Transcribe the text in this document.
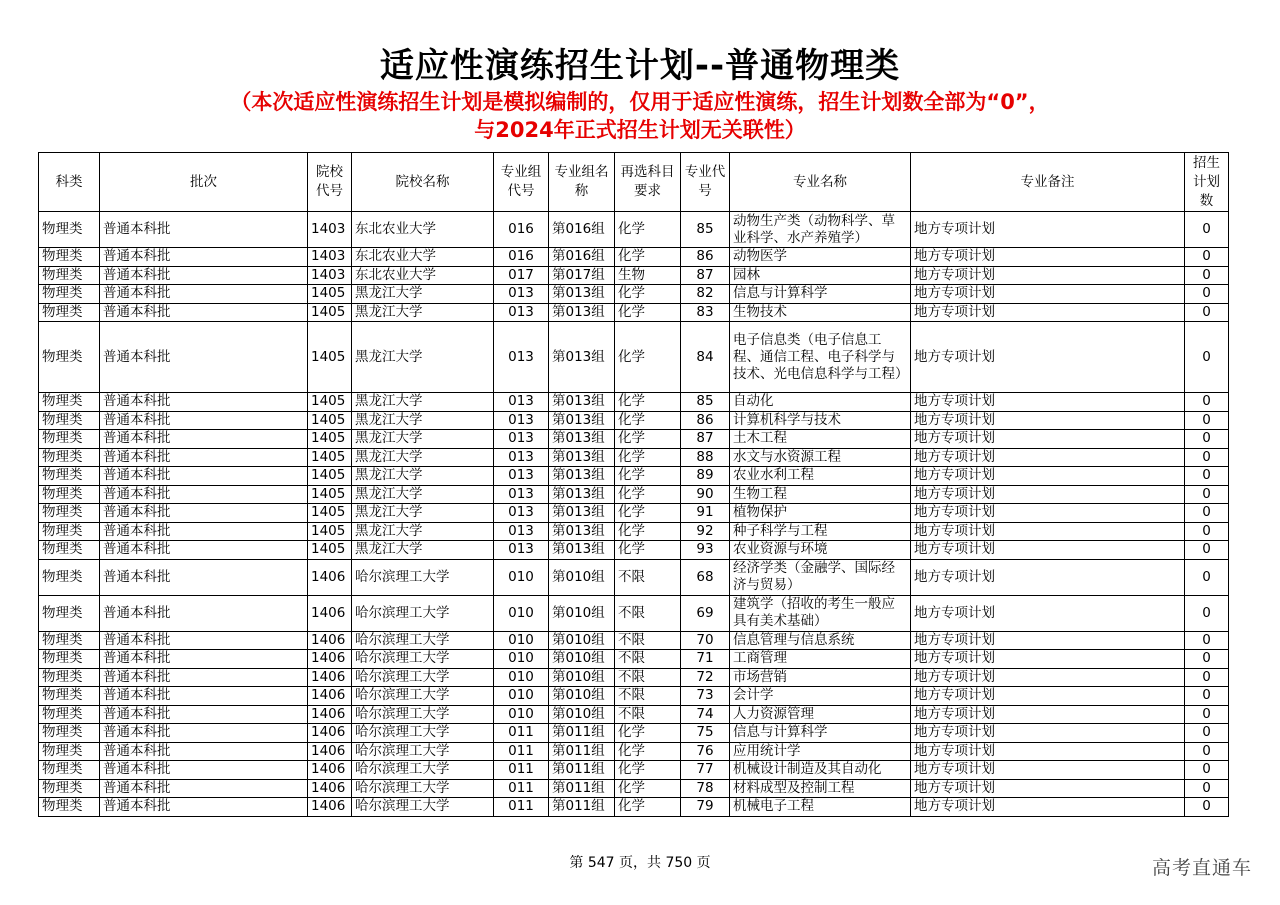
适应性演练招生计划--普通物理类
（本次适应性演练招生计划是模拟编制的，仅用于适应性演练，招生计划数全部为“0”，
与2024年正式招生计划无关联性）
科类	批次	院校代号	院校名称	专业组代号	专业组名称	再选科目要求	专业代号	专业名称	专业备注	招生计划数
物理类	普通本科批	1403	东北农业大学	016	第016组	化学	85	动物生产类（动物科学、草业科学、水产养殖学）	地方专项计划	0
物理类	普通本科批	1403	东北农业大学	016	第016组	化学	86	动物医学	地方专项计划	0
物理类	普通本科批	1403	东北农业大学	017	第017组	生物	87	园林	地方专项计划	0
物理类	普通本科批	1405	黑龙江大学	013	第013组	化学	82	信息与计算科学	地方专项计划	0
物理类	普通本科批	1405	黑龙江大学	013	第013组	化学	83	生物技术	地方专项计划	0
物理类	普通本科批	1405	黑龙江大学	013	第013组	化学	84	电子信息类（电子信息工程、通信工程、电子科学与技术、光电信息科学与工程）	地方专项计划	0
物理类	普通本科批	1405	黑龙江大学	013	第013组	化学	85	自动化	地方专项计划	0
物理类	普通本科批	1405	黑龙江大学	013	第013组	化学	86	计算机科学与技术	地方专项计划	0
物理类	普通本科批	1405	黑龙江大学	013	第013组	化学	87	土木工程	地方专项计划	0
物理类	普通本科批	1405	黑龙江大学	013	第013组	化学	88	水文与水资源工程	地方专项计划	0
物理类	普通本科批	1405	黑龙江大学	013	第013组	化学	89	农业水利工程	地方专项计划	0
物理类	普通本科批	1405	黑龙江大学	013	第013组	化学	90	生物工程	地方专项计划	0
物理类	普通本科批	1405	黑龙江大学	013	第013组	化学	91	植物保护	地方专项计划	0
物理类	普通本科批	1405	黑龙江大学	013	第013组	化学	92	种子科学与工程	地方专项计划	0
物理类	普通本科批	1405	黑龙江大学	013	第013组	化学	93	农业资源与环境	地方专项计划	0
物理类	普通本科批	1406	哈尔滨理工大学	010	第010组	不限	68	经济学类（金融学、国际经济与贸易）	地方专项计划	0
物理类	普通本科批	1406	哈尔滨理工大学	010	第010组	不限	69	建筑学（招收的考生一般应具有美术基础）	地方专项计划	0
物理类	普通本科批	1406	哈尔滨理工大学	010	第010组	不限	70	信息管理与信息系统	地方专项计划	0
物理类	普通本科批	1406	哈尔滨理工大学	010	第010组	不限	71	工商管理	地方专项计划	0
物理类	普通本科批	1406	哈尔滨理工大学	010	第010组	不限	72	市场营销	地方专项计划	0
物理类	普通本科批	1406	哈尔滨理工大学	010	第010组	不限	73	会计学	地方专项计划	0
物理类	普通本科批	1406	哈尔滨理工大学	010	第010组	不限	74	人力资源管理	地方专项计划	0
物理类	普通本科批	1406	哈尔滨理工大学	011	第011组	化学	75	信息与计算科学	地方专项计划	0
物理类	普通本科批	1406	哈尔滨理工大学	011	第011组	化学	76	应用统计学	地方专项计划	0
物理类	普通本科批	1406	哈尔滨理工大学	011	第011组	化学	77	机械设计制造及其自动化	地方专项计划	0
物理类	普通本科批	1406	哈尔滨理工大学	011	第011组	化学	78	材料成型及控制工程	地方专项计划	0
物理类	普通本科批	1406	哈尔滨理工大学	011	第011组	化学	79	机械电子工程	地方专项计划	0
第 547 页，共 750 页	高考直通车
